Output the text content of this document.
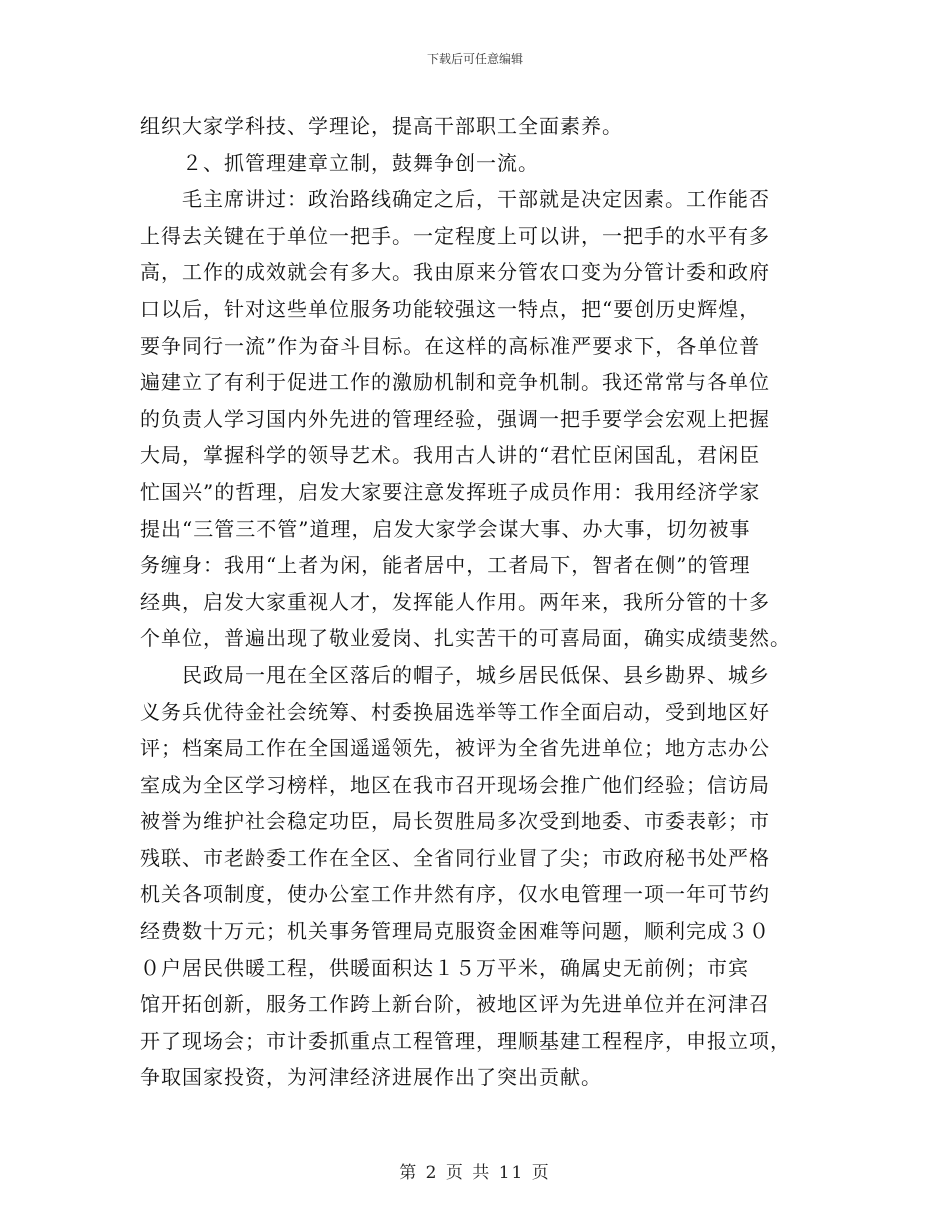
下载后可任意编辑
组织大家学科技、学理论，提高干部职工全面素养。
　　２、抓管理建章立制，鼓舞争创一流。
　　毛主席讲过：政治路线确定之后，干部就是决定因素。工作能否
上得去关键在于单位一把手。一定程度上可以讲，一把手的水平有多
高，工作的成效就会有多大。我由原来分管农口变为分管计委和政府
口以后，针对这些单位服务功能较强这一特点，把“要创历史辉煌，
要争同行一流”作为奋斗目标。在这样的高标准严要求下，各单位普
遍建立了有利于促进工作的激励机制和竞争机制。我还常常与各单位
的负责人学习国内外先进的管理经验，强调一把手要学会宏观上把握
大局，掌握科学的领导艺术。我用古人讲的“君忙臣闲国乱，君闲臣
忙国兴”的哲理，启发大家要注意发挥班子成员作用：我用经济学家
提出“三管三不管”道理，启发大家学会谋大事、办大事，切勿被事
务缠身：我用“上者为闲，能者居中，工者局下，智者在侧”的管理
经典，启发大家重视人才，发挥能人作用。两年来，我所分管的十多
个单位，普遍出现了敬业爱岗、扎实苦干的可喜局面，确实成绩斐然。
　　民政局一甩在全区落后的帽子，城乡居民低保、县乡勘界、城乡
义务兵优待金社会统筹、村委换届选举等工作全面启动，受到地区好
评；档案局工作在全国遥遥领先，被评为全省先进单位；地方志办公
室成为全区学习榜样，地区在我市召开现场会推广他们经验；信访局
被誉为维护社会稳定功臣，局长贺胜局多次受到地委、市委表彰；市
残联、市老龄委工作在全区、全省同行业冒了尖；市政府秘书处严格
机关各项制度，使办公室工作井然有序，仅水电管理一项一年可节约
经费数十万元；机关事务管理局克服资金困难等问题，顺利完成３０
０户居民供暖工程，供暖面积达１５万平米，确属史无前例；市宾
馆开拓创新，服务工作跨上新台阶，被地区评为先进单位并在河津召
开了现场会；市计委抓重点工程管理，理顺基建工程程序，申报立项，
争取国家投资，为河津经济进展作出了突出贡献。
第 2 页 共 11 页
